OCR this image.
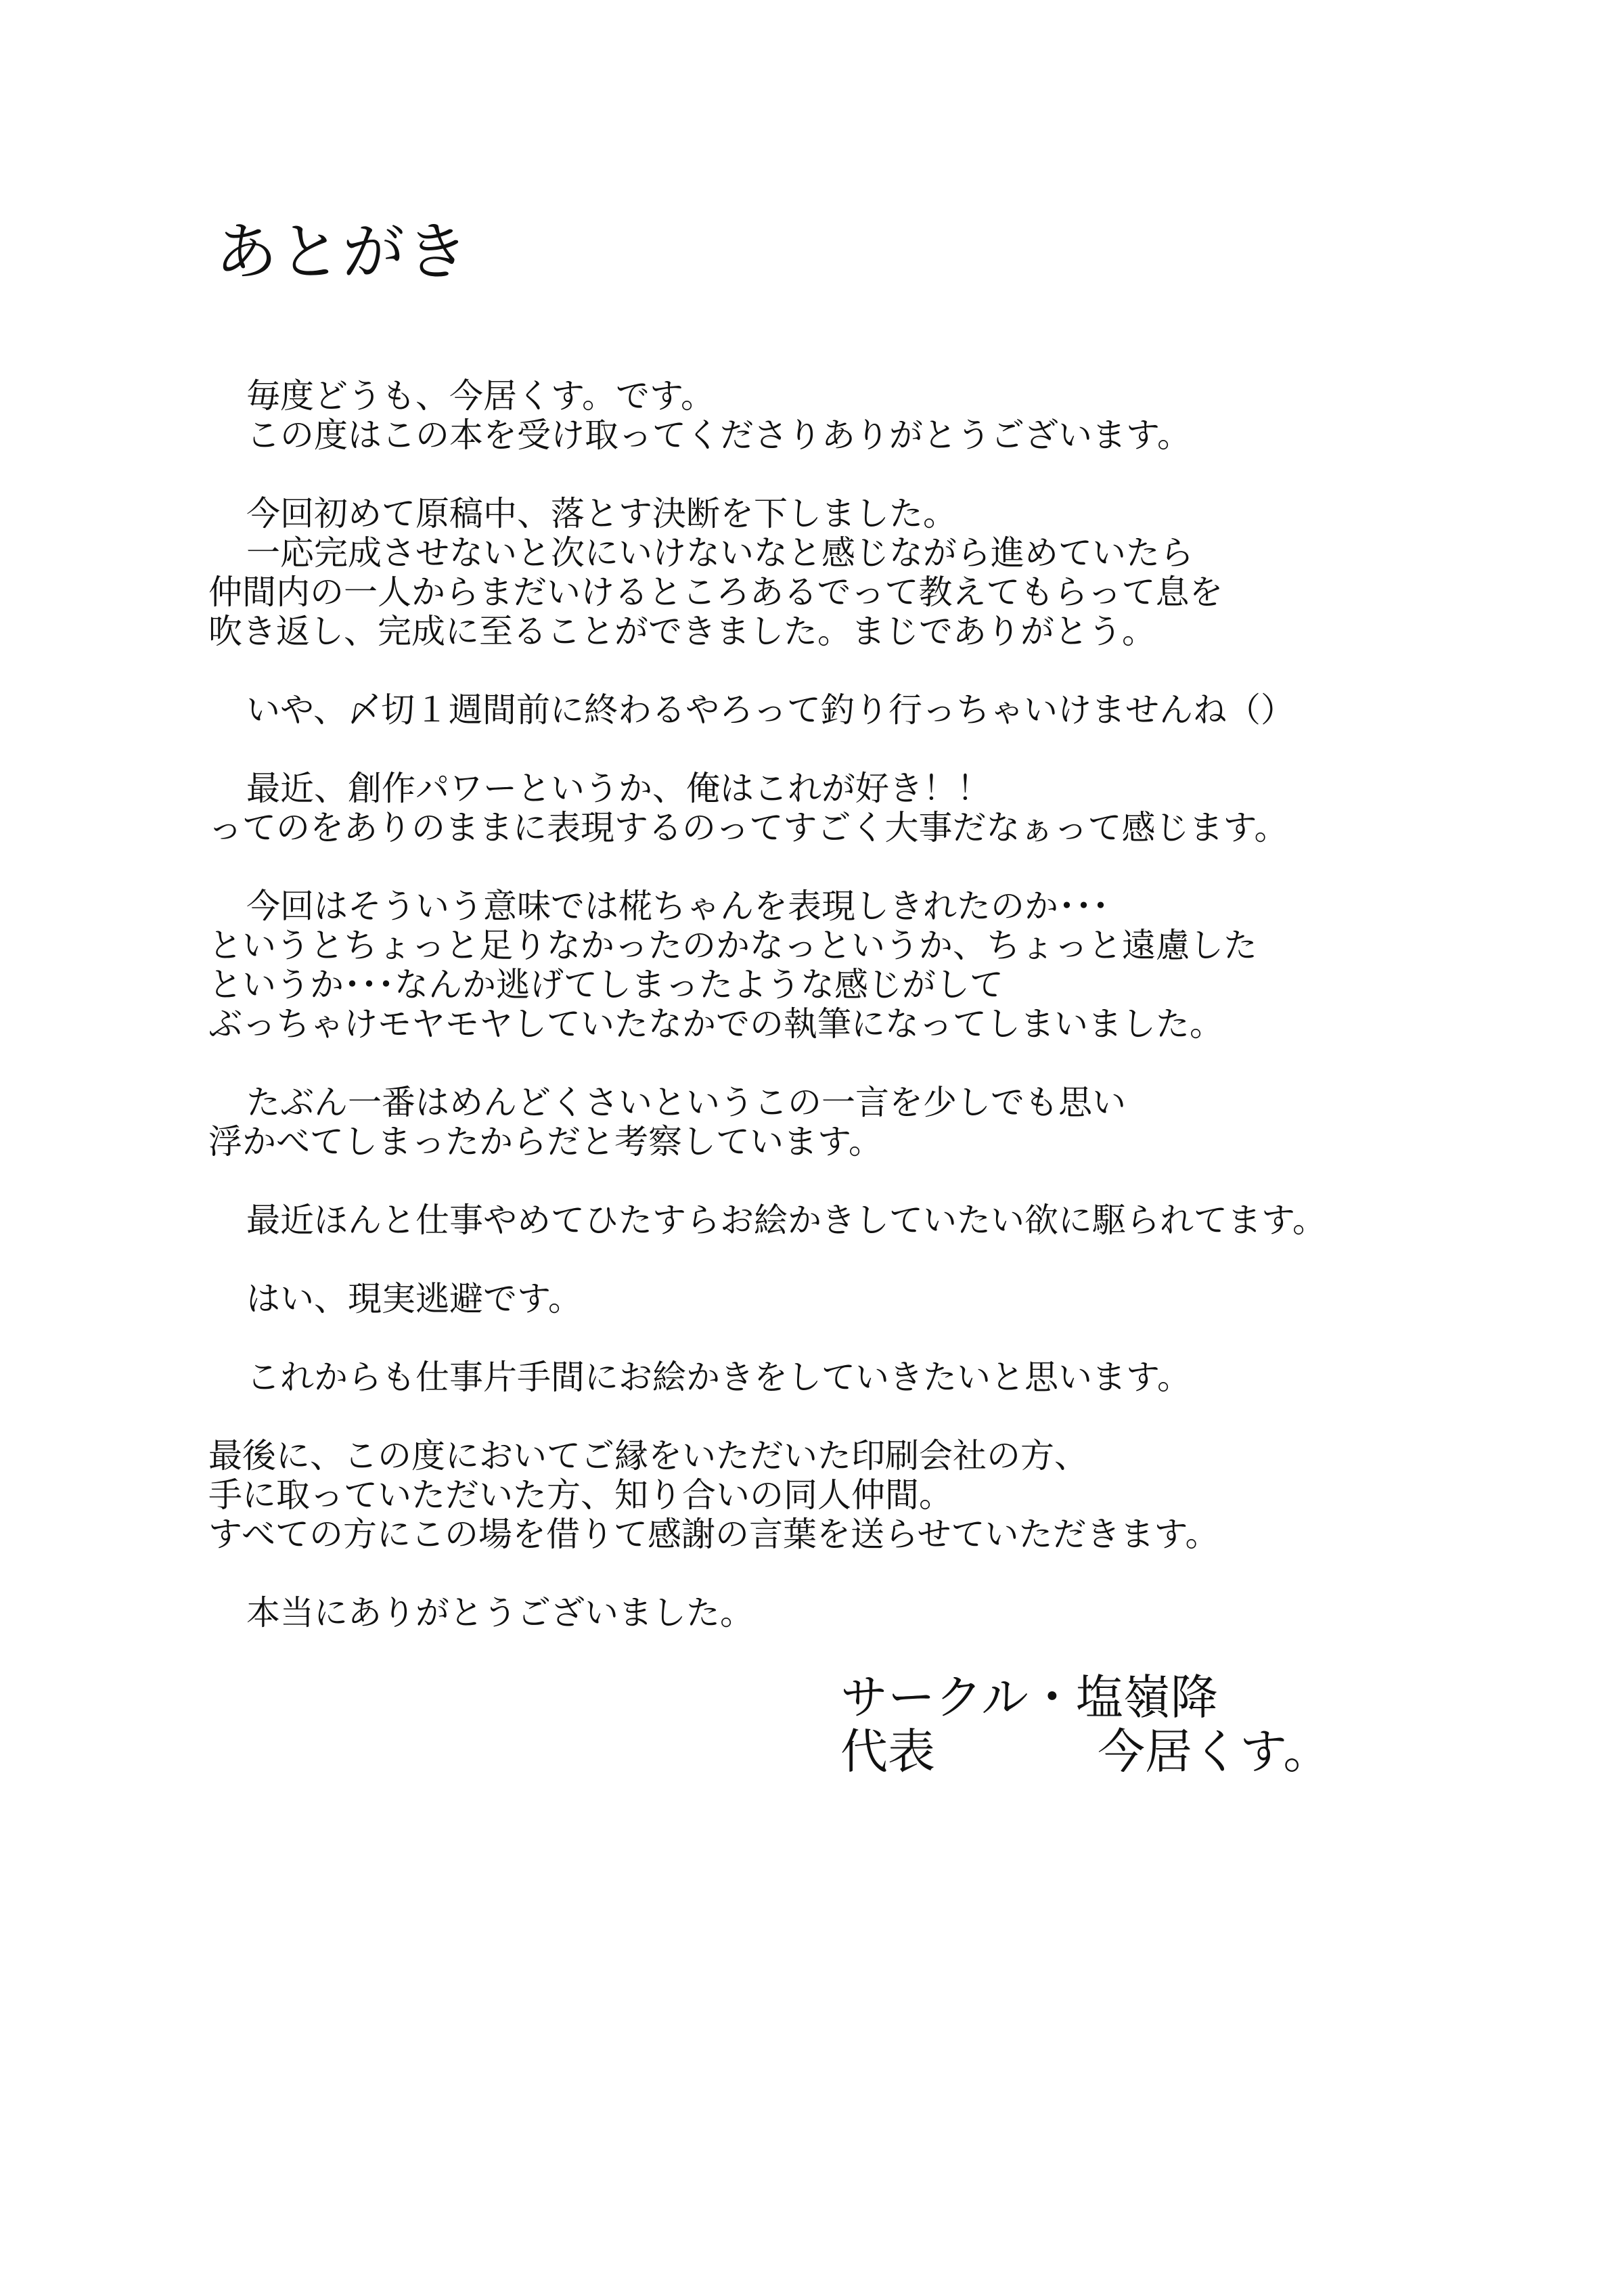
あとがき
毎度どうも、今居くす。です。
この度はこの本を受け取ってくださりありがとうございます。
今回初めて原稿中、落とす決断を下しました。
一応完成させないと次にいけないなと感じながら進めていたら
仲間内の一人からまだいけるところあるでって教えてもらって息を
吹き返し、完成に至ることができました。まじでありがとう。
いや、〆切１週間前に終わるやろって釣り行っちゃいけませんね（）
最近、創作パワーというか、俺はこれが好き！！
ってのをありのままに表現するのってすごく大事だなぁって感じます。
今回はそういう意味では椛ちゃんを表現しきれたのか･･･
というとちょっと足りなかったのかなっというか、ちょっと遠慮した
というか･･･なんか逃げてしまったような感じがして
ぶっちゃけモヤモヤしていたなかでの執筆になってしまいました。
たぶん一番はめんどくさいというこの一言を少しでも思い
浮かべてしまったからだと考察しています。
最近ほんと仕事やめてひたすらお絵かきしていたい欲に駆られてます。
はい、現実逃避です。
これからも仕事片手間にお絵かきをしていきたいと思います。
最後に、この度においてご縁をいただいた印刷会社の方、
手に取っていただいた方、知り合いの同人仲間。
すべての方にこの場を借りて感謝の言葉を送らせていただきます。
本当にありがとうございました。
サークル・塩嶺降
代表	今居くす。
